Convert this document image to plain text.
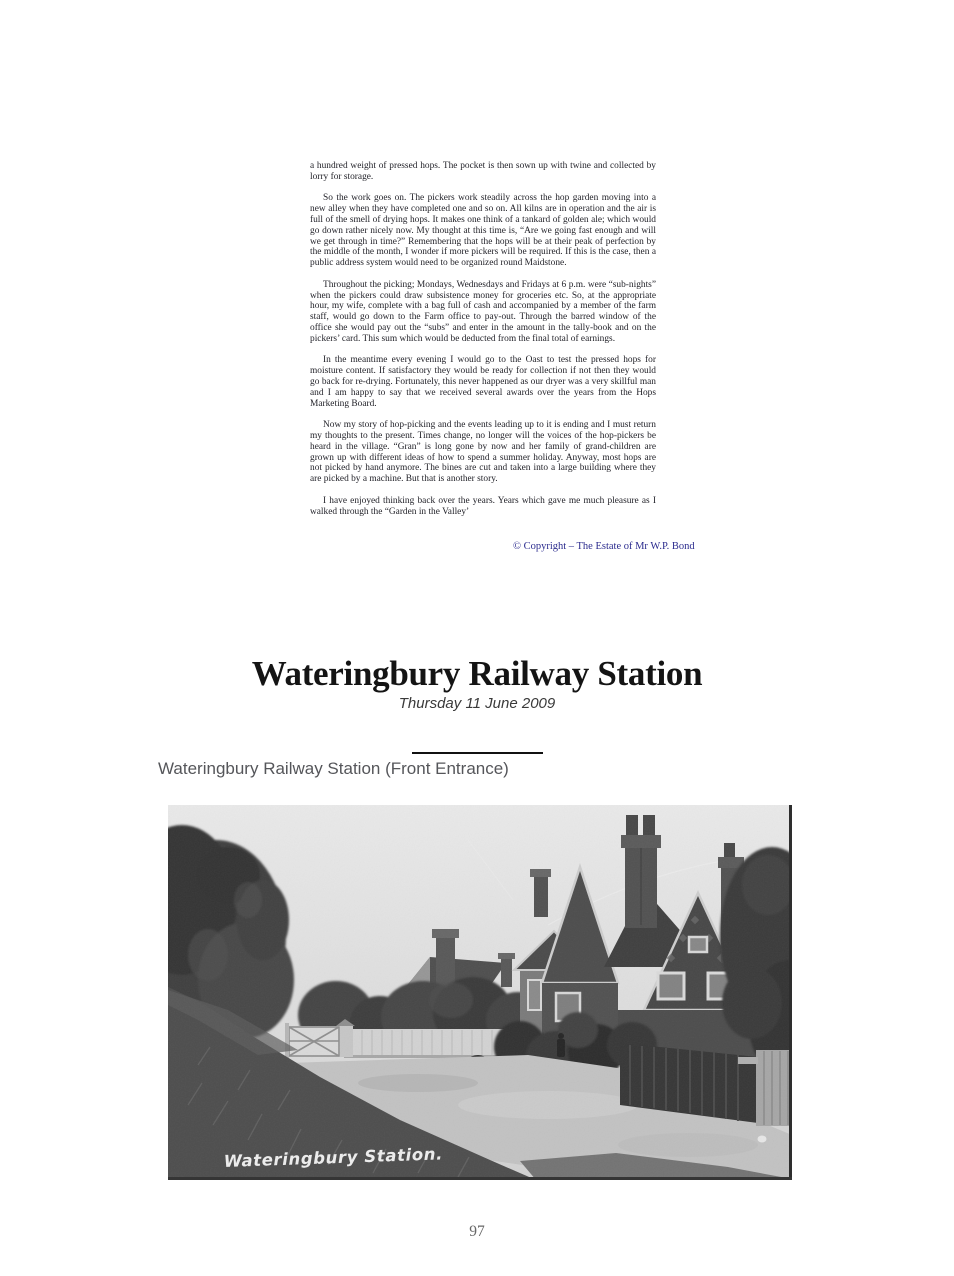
a hundred weight of pressed hops. The pocket is then sown up with twine and collected by lorry for storage.

So the work goes on. The pickers work steadily across the hop garden moving into a new alley when they have completed one and so on. All kilns are in operation and the air is full of the smell of drying hops. It makes one think of a tankard of golden ale; which would go down rather nicely now. My thought at this time is, “Are we going fast enough and will we get through in time?” Remembering that the hops will be at their peak of perfection by the middle of the month, I wonder if more pickers will be required. If this is the case, then a public address system would need to be organized round Maidstone.

Throughout the picking; Mondays, Wednesdays and Fridays at 6 p.m. were “sub-nights” when the pickers could draw subsistence money for groceries etc. So, at the appropriate hour, my wife, complete with a bag full of cash and accompanied by a member of the farm staff, would go down to the Farm office to pay-out. Through the barred window of the office she would pay out the “subs” and enter in the amount in the tally-book and on the pickers’ card. This sum which would be deducted from the final total of earnings.

In the meantime every evening I would go to the Oast to test the pressed hops for moisture content. If satisfactory they would be ready for collection if not then they would go back for re-drying. Fortunately, this never happened as our dryer was a very skillful man and I am happy to say that we received several awards over the years from the Hops Marketing Board.

Now my story of hop-picking and the events leading up to it is ending and I must return my thoughts to the present. Times change, no longer will the voices of the hop-pickers be heard in the village. “Gran” is long gone by now and her family of grand-children are grown up with different ideas of how to spend a summer holiday. Anyway, most hops are not picked by hand anymore. The bines are cut and taken into a large building where they are picked by a machine. But that is another story.

I have enjoyed thinking back over the years. Years which gave me much pleasure as I walked through the “Garden in the Valley’

© Copyright – The Estate of Mr W.P. Bond
Wateringbury Railway Station
Thursday 11 June 2009
Wateringbury Railway Station (Front Entrance)
Wateringbury Station.
97
